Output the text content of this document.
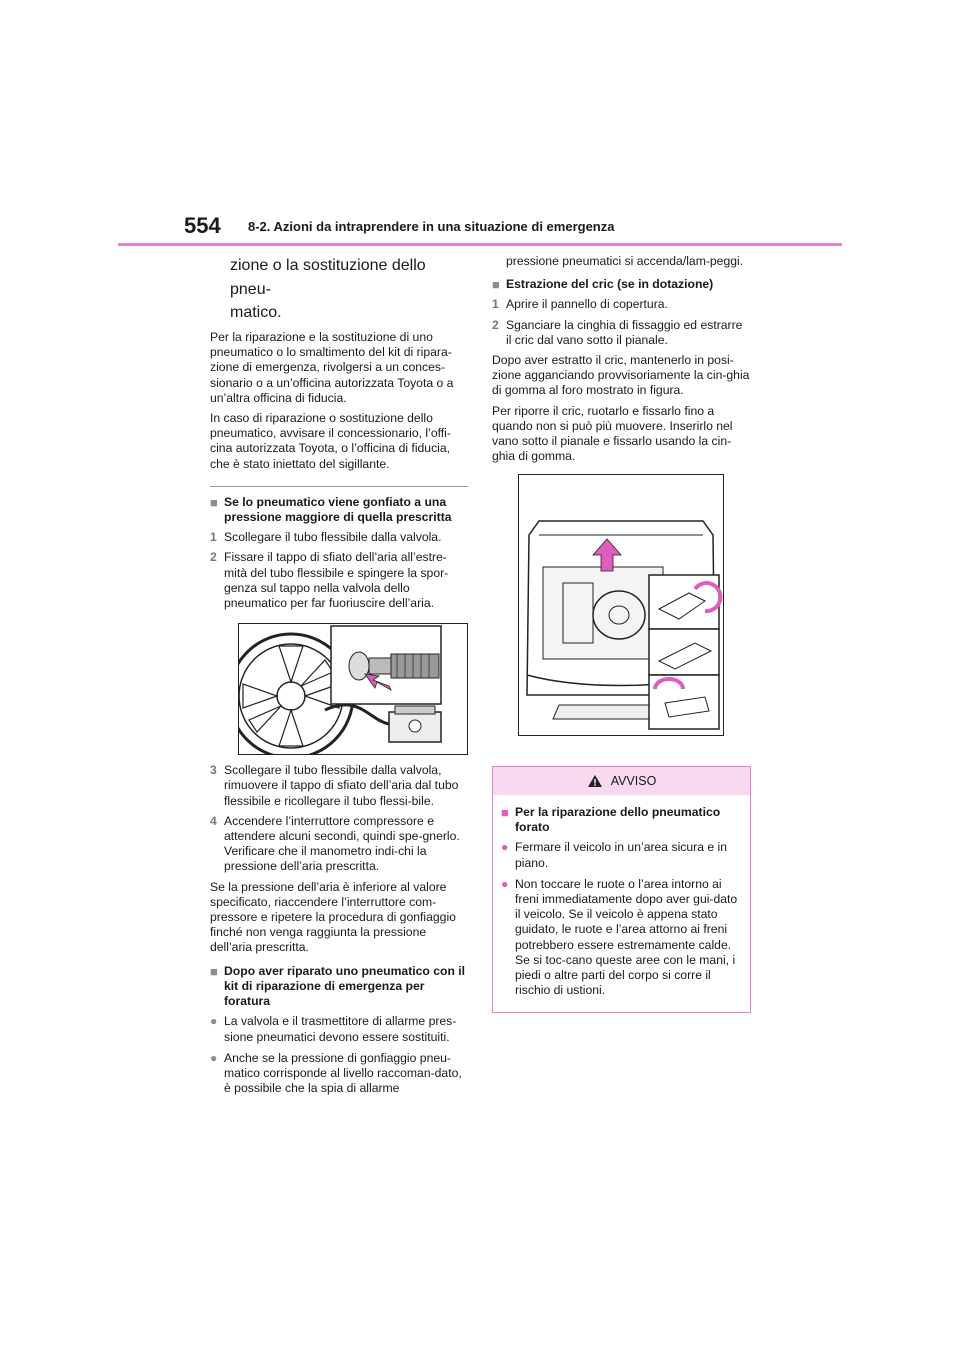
554 8-2. Azioni da intraprendere in una situazione di emergenza

zione o la sostituzione dello pneu-

matico.

Per la riparazione e la sostituzione di uno pneumatico o lo smaltimento del kit di ripara-zione di emergenza, rivolgersi a un conces-sionario o a un’officina autorizzata Toyota o a un’altra officina di fiducia.

In caso di riparazione o sostituzione dello pneumatico, avvisare il concessionario, l’offi-cina autorizzata Toyota, o l’officina di fiducia, che è stato iniettato del sigillante.

■ Se lo pneumatico viene gonfiato a una pressione maggiore di quella prescritta
1 Scollegare il tubo flessibile dalla valvola.
2 Fissare il tappo di sfiato dell’aria all’estre-mità del tubo flessibile e spingere la spor-genza sul tappo nella valvola dello pneumatico per far fuoriuscire dell’aria.
3 Scollegare il tubo flessibile dalla valvola, rimuovere il tappo di sfiato dell’aria dal tubo flessibile e ricollegare il tubo flessi-bile.
4 Accendere l’interruttore compressore e attendere alcuni secondi, quindi spe-gnerlo. Verificare che il manometro indi-chi la pressione dell’aria prescritta.

Se la pressione dell’aria è inferiore al valore specificato, riaccendere l’interruttore com-pressore e ripetere la procedura di gonfiaggio finché non venga raggiunta la pressione dell’aria prescritta.

■ Dopo aver riparato uno pneumatico con il kit di riparazione di emergenza per foratura
● La valvola e il trasmettitore di allarme pres-sione pneumatici devono essere sostituiti.
● Anche se la pressione di gonfiaggio pneu-matico corrisponde al livello raccoman-dato, è possibile che la spia di allarme

pressione pneumatici si accenda/lam-peggi.

■ Estrazione del cric (se in dotazione)
1 Aprire il pannello di copertura.
2 Sganciare la cinghia di fissaggio ed estrarre il cric dal vano sotto il pianale.

Dopo aver estratto il cric, mantenerlo in posi-zione agganciando provvisoriamente la cin-ghia di gomma al foro mostrato in figura.

Per riporre il cric, ruotarlo e fissarlo fino a quando non si può più muovere. Inserirlo nel vano sotto il pianale e fissarlo usando la cin-ghia di gomma.

AVVISO
■ Per la riparazione dello pneumatico forato
● Fermare il veicolo in un’area sicura e in piano.
● Non toccare le ruote o l’area intorno ai freni immediatamente dopo aver gui-dato il veicolo. Se il veicolo è appena stato guidato, le ruote e l’area attorno ai freni potrebbero essere estremamente calde. Se si toc-cano queste aree con le mani, i piedi o altre parti del corpo si corre il rischio di ustioni.
